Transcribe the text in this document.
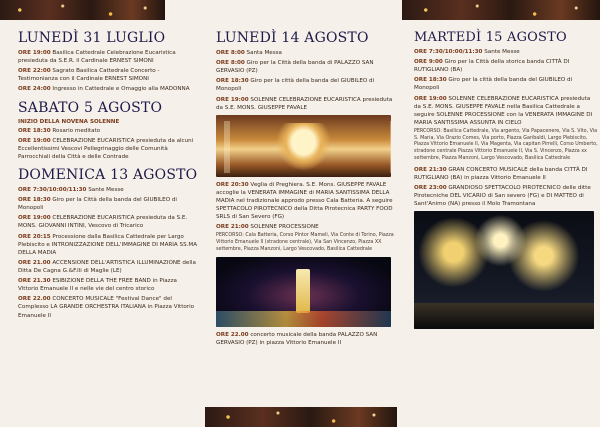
LUNEDÌ 31 LUGLIO
ORE 19:00 Basilica Cattedrale Celebrazione Eucaristica presieduta da S.E.R. il Cardinale ERNEST SIMONI
ORE 22:00 Sagrato Basilica Cattedrale Concerto - Testimonianza con il Cardinale ERNEST SIMONI
ORE 24:00 Ingresso in Cattedrale e Omaggio alla MADONNA
SABATO 5 AGOSTO
INIZIO DELLA NOVENA SOLENNE
ORE 18:30 Rosario meditato
ORE 19:00 CELEBRAZIONE EUCARISTICA presieduta da alcuni Eccellentissimi Vescovi Pellegrinaggio delle Comunità Parrocchiali della Città e delle Contrade
DOMENICA 13 AGOSTO
ORE 7:30/10:00/11:30 Sante Messe
ORE 18:30 Giro per la Città della banda del GIUBILEO di Monopoli
ORE 19:00 CELEBRAZIONE EUCARISTICA presieduta da S.E. MONS. GIOVANNI INTINI, Vescovo di Tricarico
ORE 20:15 Processione dalla Basilica Cattedrale per Largo Plebiscito e INTRONIZZAZIONE DELL'IMMAGINE DI MARIA SS.MA DELLA MADIA
ORE 21.00 ACCENSIONE DELL'ARTISTICA ILLUMINAZIONE della Ditta De Cagna G.&F.lli di Maglie (LE)
ORE 21.30 ESIBIZIONE DELLA THE FREE BAND in Piazza Vittorio Emanuele II e nelle vie del centro storico
ORE 22.00 CONCERTO MUSICALE "Festival Dance" del Complesso LA GRANDE ORCHESTRA ITALIANA in Piazza Vittorio Emanuele II
LUNEDÌ 14 AGOSTO
ORE 8:00 Santa Messa
ORE 8:00 Giro per la Città della banda di PALAZZO SAN GERVASIO (PZ)
ORE 18:30 Giro per la città della banda del GIUBILEO di Monopoli
ORE 19:00 SOLENNE CELEBRAZIONE EUCARISTICA presieduta da S.E. MONS. GIUSEPPE FAVALE
ORE 20:30 Veglia di Preghiera. S.E. Mons. GIUSEPPE FAVALE accoglie la VENERATA IMMAGINE di MARIA SANTISSIMA DELLA MADIA nel tradizionale approdo presso Cala Batteria. A seguire SPETTACOLO PIROTECNICO della Ditta Pirotecnica PARTY FOOD SRLS di San Severo (FG)
ORE 21:00 SOLENNE PROCESSIONE
PERCORSO: Cala Batteria, Corso Pintor Mameli, Via Conte di Torino, Piazza Vittorio Emanuele II (stradone centrale), Via San Vincenzo, Piazza XX settembre, Piazza Manzoni, Largo Vescovado, Basilica Cattedrale
ORE 22.00 concerto musicale della banda PALAZZO SAN GERVASIO (PZ) in piazza Vittorio Emanuele II
MARTEDÌ 15 AGOSTO
ORE 7:30/10:00/11:30 Sante Messe
ORE 9:00 Giro per la Città della storica banda CITTÀ DI RUTIGLIANO (BA)
ORE 18:30 Giro per la città della banda del GIUBILEO di Monopoli
ORE 19:00 SOLENNE CELEBRAZIONE EUCARISTICA presieduta da S.E. MONS. GIUSEPPE FAVALE nella Basilica Cattedrale a seguire SOLENNE PROCESSIONE con la VENERATA IMMAGINE DI MARIA SANTISSIMA ASSUNTA IN CIELO
PERCORSO: Basilica Cattedrale, Via argento, Via Papacenere, Via S. Vito, Via S. Maria, Via Orazio Comes, Via porto, Piazza Garibaldi, Largo Plebiscito, Piazza Vittorio Emanuele II, Via Magenta, Via capitan Pirrelli, Corso Umberto, stradone centrale Piazza Vittorio Emanuele II, Via S. Vincenzo, Piazza xx settembre, Piazza Manzoni, Largo Vescovado, Basilica Cattedrale
ORE 21:30 GRAN CONCERTO MUSICALE della banda CITTÀ DI RUTIGLIANO (BA) in piazza Vittorio Emanuele II
ORE 23:00 GRANDIOSO SPETTACOLO PIROTECNICO delle ditte Pirotecniche DEL VICARIO di San severo (FG) e DI MATTEO di Sant'Animo (NA) presso il Molo Tramontana
